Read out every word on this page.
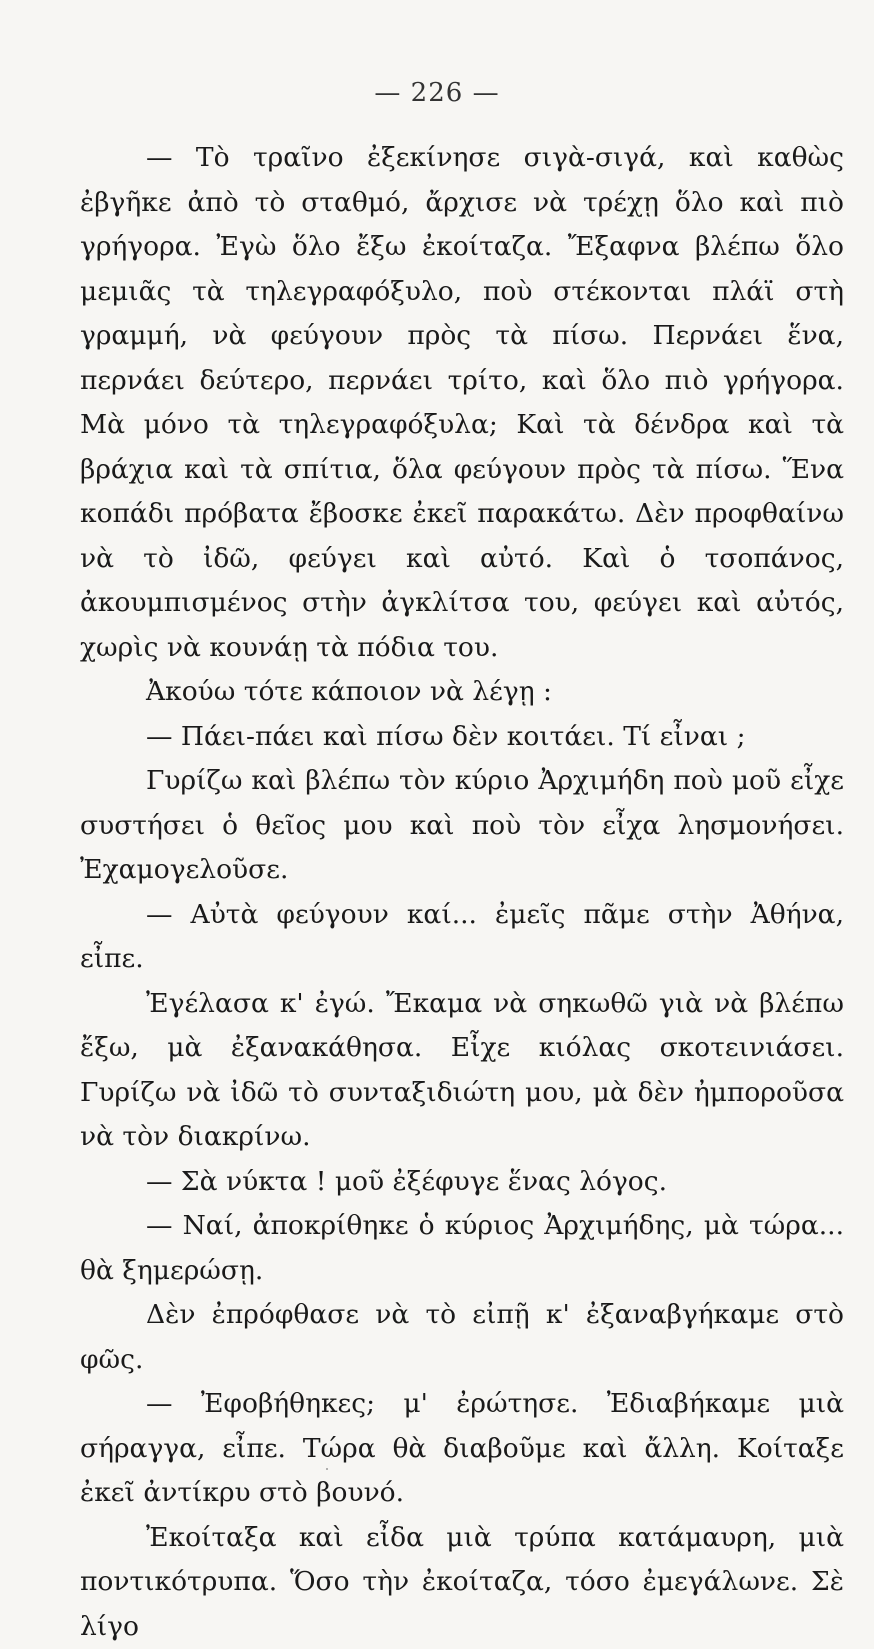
— 226 —

— Τὸ τραῖνο ἐξεκίνησε σιγὰ-σιγά, καὶ καθὼς ἐβγῆκε ἀπὸ τὸ σταθμό, ἄρχισε νὰ τρέχῃ ὅλο καὶ πιὸ γρήγορα. Ἐγὼ ὅλο ἔξω ἐκοίταζα. Ἔξαφνα βλέπω ὅλο μεμιᾶς τὰ τηλεγραφόξυλο, ποὺ στέκονται πλάϊ στὴ γραμμή, νὰ φεύγουν πρὸς τὰ πίσω. Περνάει ἕνα, περνάει δεύτερο, περνάει τρίτο, καὶ ὅλο πιὸ γρήγορα. Μὰ μόνο τὰ τηλεγραφόξυλα; Καὶ τὰ δένδρα καὶ τὰ βράχια καὶ τὰ σπίτια, ὅλα φεύγουν πρὸς τὰ πίσω. Ἕνα κοπάδι πρόβατα ἔβοσκε ἐκεῖ παρακάτω. Δὲν προφθαίνω νὰ τὸ ἰδῶ, φεύγει καὶ αὐτό. Καὶ ὁ τσοπάνος, ἀκουμπισμένος στὴν ἀγκλίτσα του, φεύγει καὶ αὐτός, χωρὶς νὰ κουνάῃ τὰ πόδια του.

Ἀκούω τότε κάποιον νὰ λέγῃ :

— Πάει-πάει καὶ πίσω δὲν κοιτάει. Τί εἶναι ;

Γυρίζω καὶ βλέπω τὸν κύριο Ἀρχιμήδη ποὺ μοῦ εἶχε συστήσει ὁ θεῖος μου καὶ ποὺ τὸν εἶχα λησμονήσει. Ἐχαμογελοῦσε.

— Αὐτὰ φεύγουν καί... ἐμεῖς πᾶμε στὴν Ἀθήνα, εἶπε.

Ἐγέλασα κ' ἐγώ. Ἔκαμα νὰ σηκωθῶ γιὰ νὰ βλέπω ἔξω, μὰ ἐξανακάθησα. Εἶχε κιόλας σκοτεινιάσει. Γυρίζω νὰ ἰδῶ τὸ συνταξιδιώτη μου, μὰ δὲν ἠμποροῦσα νὰ τὸν διακρίνω.

— Σὰ νύκτα ! μοῦ ἐξέφυγε ἕνας λόγος.

— Ναί, ἀποκρίθηκε ὁ κύριος Ἀρχιμήδης, μὰ τώρα... θὰ ξημερώσῃ.

Δὲν ἐπρόφθασε νὰ τὸ εἰπῇ κ' ἐξαναβγήκαμε στὸ φῶς.

— Ἐφοβήθηκες; μ' ἐρώτησε. Ἐδιαβήκαμε μιὰ σήραγγα, εἶπε. Τώρα θὰ διαβοῦμε καὶ ἄλλη. Κοίταξε ἐκεῖ ἀντίκρυ στὸ βουνό.

Ἐκοίταξα καὶ εἶδα μιὰ τρύπα κατάμαυρη, μιὰ ποντικότρυπα. Ὅσο τὴν ἐκοίταζα, τόσο ἐμεγάλωνε. Σὲ λίγο
